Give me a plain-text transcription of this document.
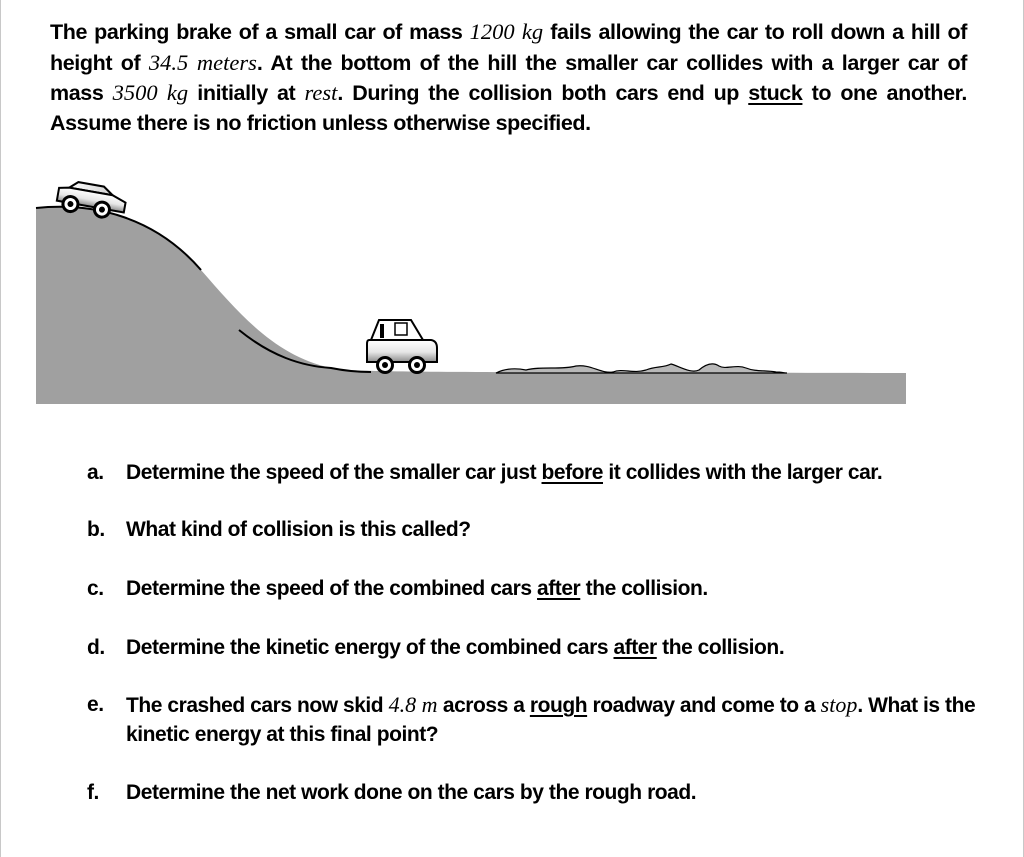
The parking brake of a small car of mass 1200 kg fails allowing the car to roll down a hill of height of 34.5 meters. At the bottom of the hill the smaller car collides with a larger car of mass 3500 kg initially at rest. During the collision both cars end up stuck to one another. Assume there is no friction unless otherwise specified.

a. Determine the speed of the smaller car just before it collides with the larger car.
b. What kind of collision is this called?
c. Determine the speed of the combined cars after the collision.
d. Determine the kinetic energy of the combined cars after the collision.
e. The crashed cars now skid 4.8 m across a rough roadway and come to a stop. What is the kinetic energy at this final point?
f. Determine the net work done on the cars by the rough road.
